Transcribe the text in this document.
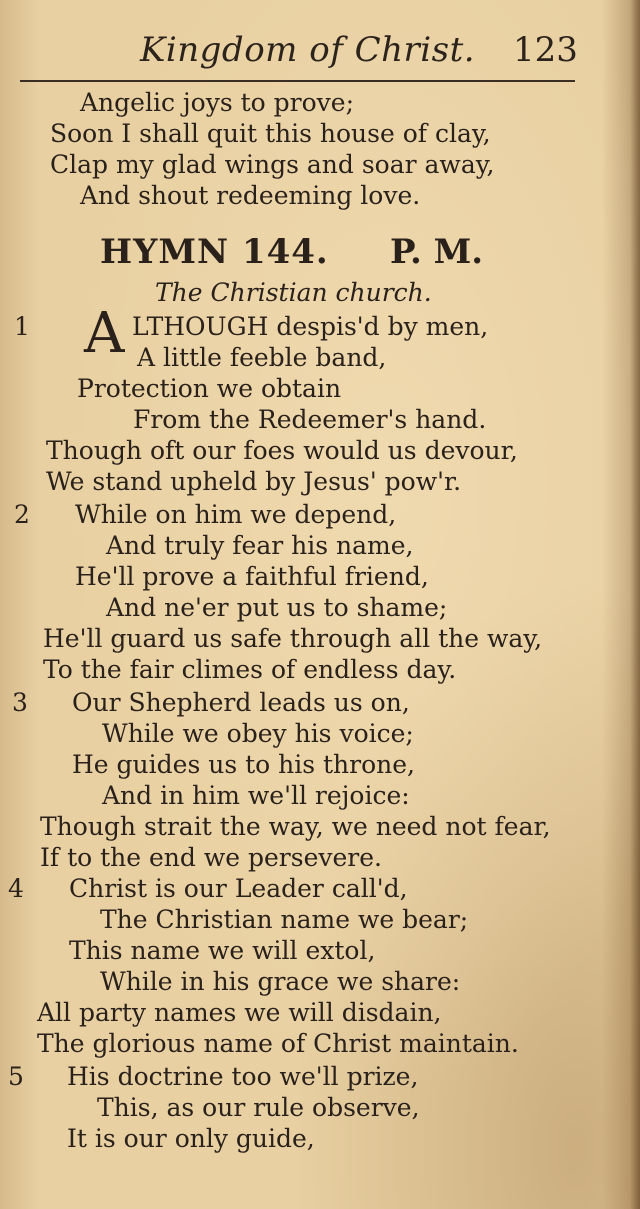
Kingdom of Christ. 123
Angelic joys to prove;
Soon I shall quit this house of clay,
Clap my glad wings and soar away,
And shout redeeming love.
HYMN 144. P. M.
The Christian church.
1 A LTHOUGH despis'd by men,
A little feeble band,
Protection we obtain
From the Redeemer's hand.
Though oft our foes would us devour,
We stand upheld by Jesus' pow'r.
2 While on him we depend,
And truly fear his name,
He'll prove a faithful friend,
And ne'er put us to shame;
He'll guard us safe through all the way,
To the fair climes of endless day.
3 Our Shepherd leads us on,
While we obey his voice;
He guides us to his throne,
And in him we'll rejoice:
Though strait the way, we need not fear,
If to the end we persevere.
4 Christ is our Leader call'd,
The Christian name we bear;
This name we will extol,
While in his grace we share:
All party names we will disdain,
The glorious name of Christ maintain.
5 His doctrine too we'll prize,
This, as our rule observe,
It is our only guide,
